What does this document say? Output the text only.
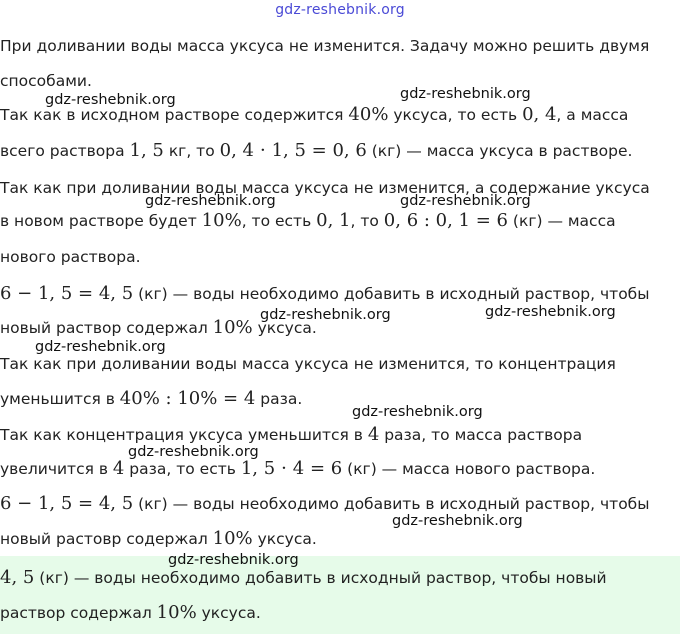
gdz-reshebnik.org
При доливании воды масса уксуса не изменится. Задачу можно решить двумя
способами.
Так как в исходном растворе содержится 40% уксуса, то есть 0, 4, а масса
всего раствора 1, 5 кг, то 0, 4 ⋅ 1, 5 = 0, 6 (кг) — масса уксуса в растворе.
Так как при доливании воды масса уксуса не изменится, а содержание уксуса
в новом растворе будет 10%, то есть 0, 1, то 0, 6 : 0, 1 = 6 (кг) — масса
нового раствора.
6 − 1, 5 = 4, 5 (кг) — воды необходимо добавить в исходный раствор, чтобы
новый раствор содержал 10% уксуса.
Так как при доливании воды масса уксуса не изменится, то концентрация
уменьшится в 40% : 10% = 4 раза.
Так как концентрация уксуса уменьшится в 4 раза, то масса раствора
увеличится в 4 раза, то есть 1, 5 ⋅ 4 = 6 (кг) — масса нового раствора.
6 − 1, 5 = 4, 5 (кг) — воды необходимо добавить в исходный раствор, чтобы
новый растовр содержал 10% уксуса.
4, 5 (кг) — воды необходимо добавить в исходный раствор, чтобы новый
раствор содержал 10% уксуса.
gdz-reshebnik.org	gdz-reshebnik.org
gdz-reshebnik.org	gdz-reshebnik.org
gdz-reshebnik.org	gdz-reshebnik.org
gdz-reshebnik.org
gdz-reshebnik.org
gdz-reshebnik.org
gdz-reshebnik.org
gdz-reshebnik.org
